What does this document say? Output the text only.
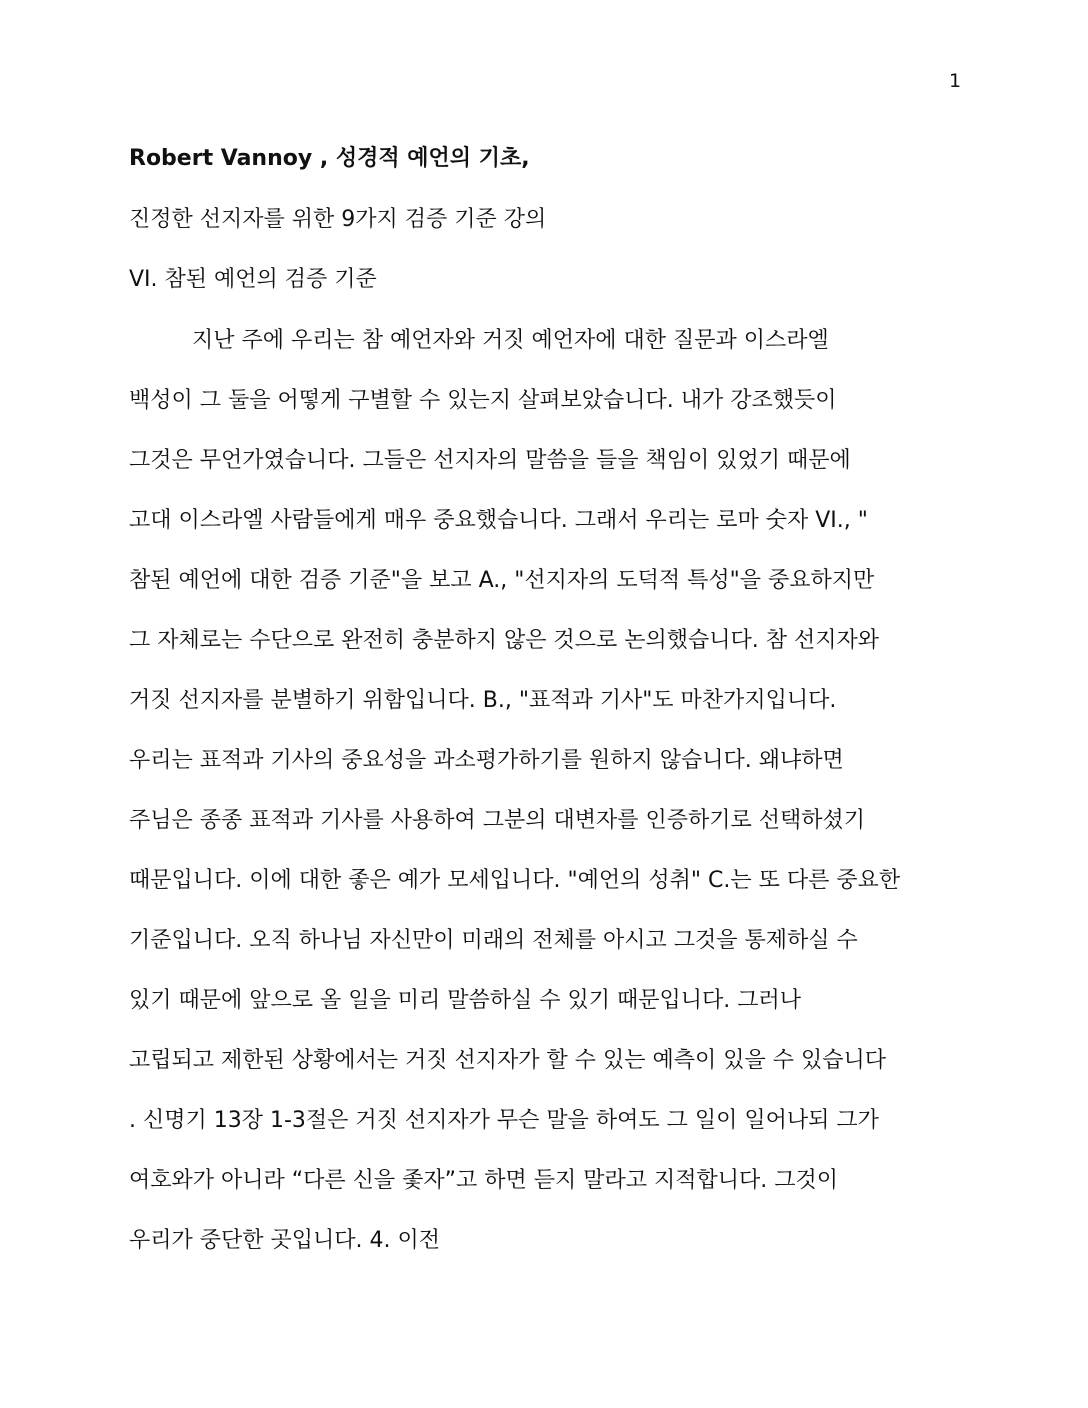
1
Robert Vannoy , 성경적 예언의 기초,
진정한 선지자를 위한 9가지 검증 기준 강의
VI. 참된 예언의 검증 기준
지난 주에 우리는 참 예언자와 거짓 예언자에 대한 질문과 이스라엘
백성이 그 둘을 어떻게 구별할 수 있는지 살펴보았습니다. 내가 강조했듯이
그것은 무언가였습니다. 그들은 선지자의 말씀을 들을 책임이 있었기 때문에
고대 이스라엘 사람들에게 매우 중요했습니다. 그래서 우리는 로마 숫자 VI., "
참된 예언에 대한 검증 기준"을 보고 A., "선지자의 도덕적 특성"을 중요하지만
그 자체로는 수단으로 완전히 충분하지 않은 것으로 논의했습니다. 참 선지자와
거짓 선지자를 분별하기 위함입니다. B., "표적과 기사"도 마찬가지입니다.
우리는 표적과 기사의 중요성을 과소평가하기를 원하지 않습니다. 왜냐하면
주님은 종종 표적과 기사를 사용하여 그분의 대변자를 인증하기로 선택하셨기
때문입니다. 이에 대한 좋은 예가 모세입니다. "예언의 성취" C.는 또 다른 중요한
기준입니다. 오직 하나님 자신만이 미래의 전체를 아시고 그것을 통제하실 수
있기 때문에 앞으로 올 일을 미리 말씀하실 수 있기 때문입니다. 그러나
고립되고 제한된 상황에서는 거짓 선지자가 할 수 있는 예측이 있을 수 있습니다
. 신명기 13장 1-3절은 거짓 선지자가 무슨 말을 하여도 그 일이 일어나되 그가
여호와가 아니라 “다른 신을 좇자”고 하면 듣지 말라고 지적합니다. 그것이
우리가 중단한 곳입니다. 4. 이전
